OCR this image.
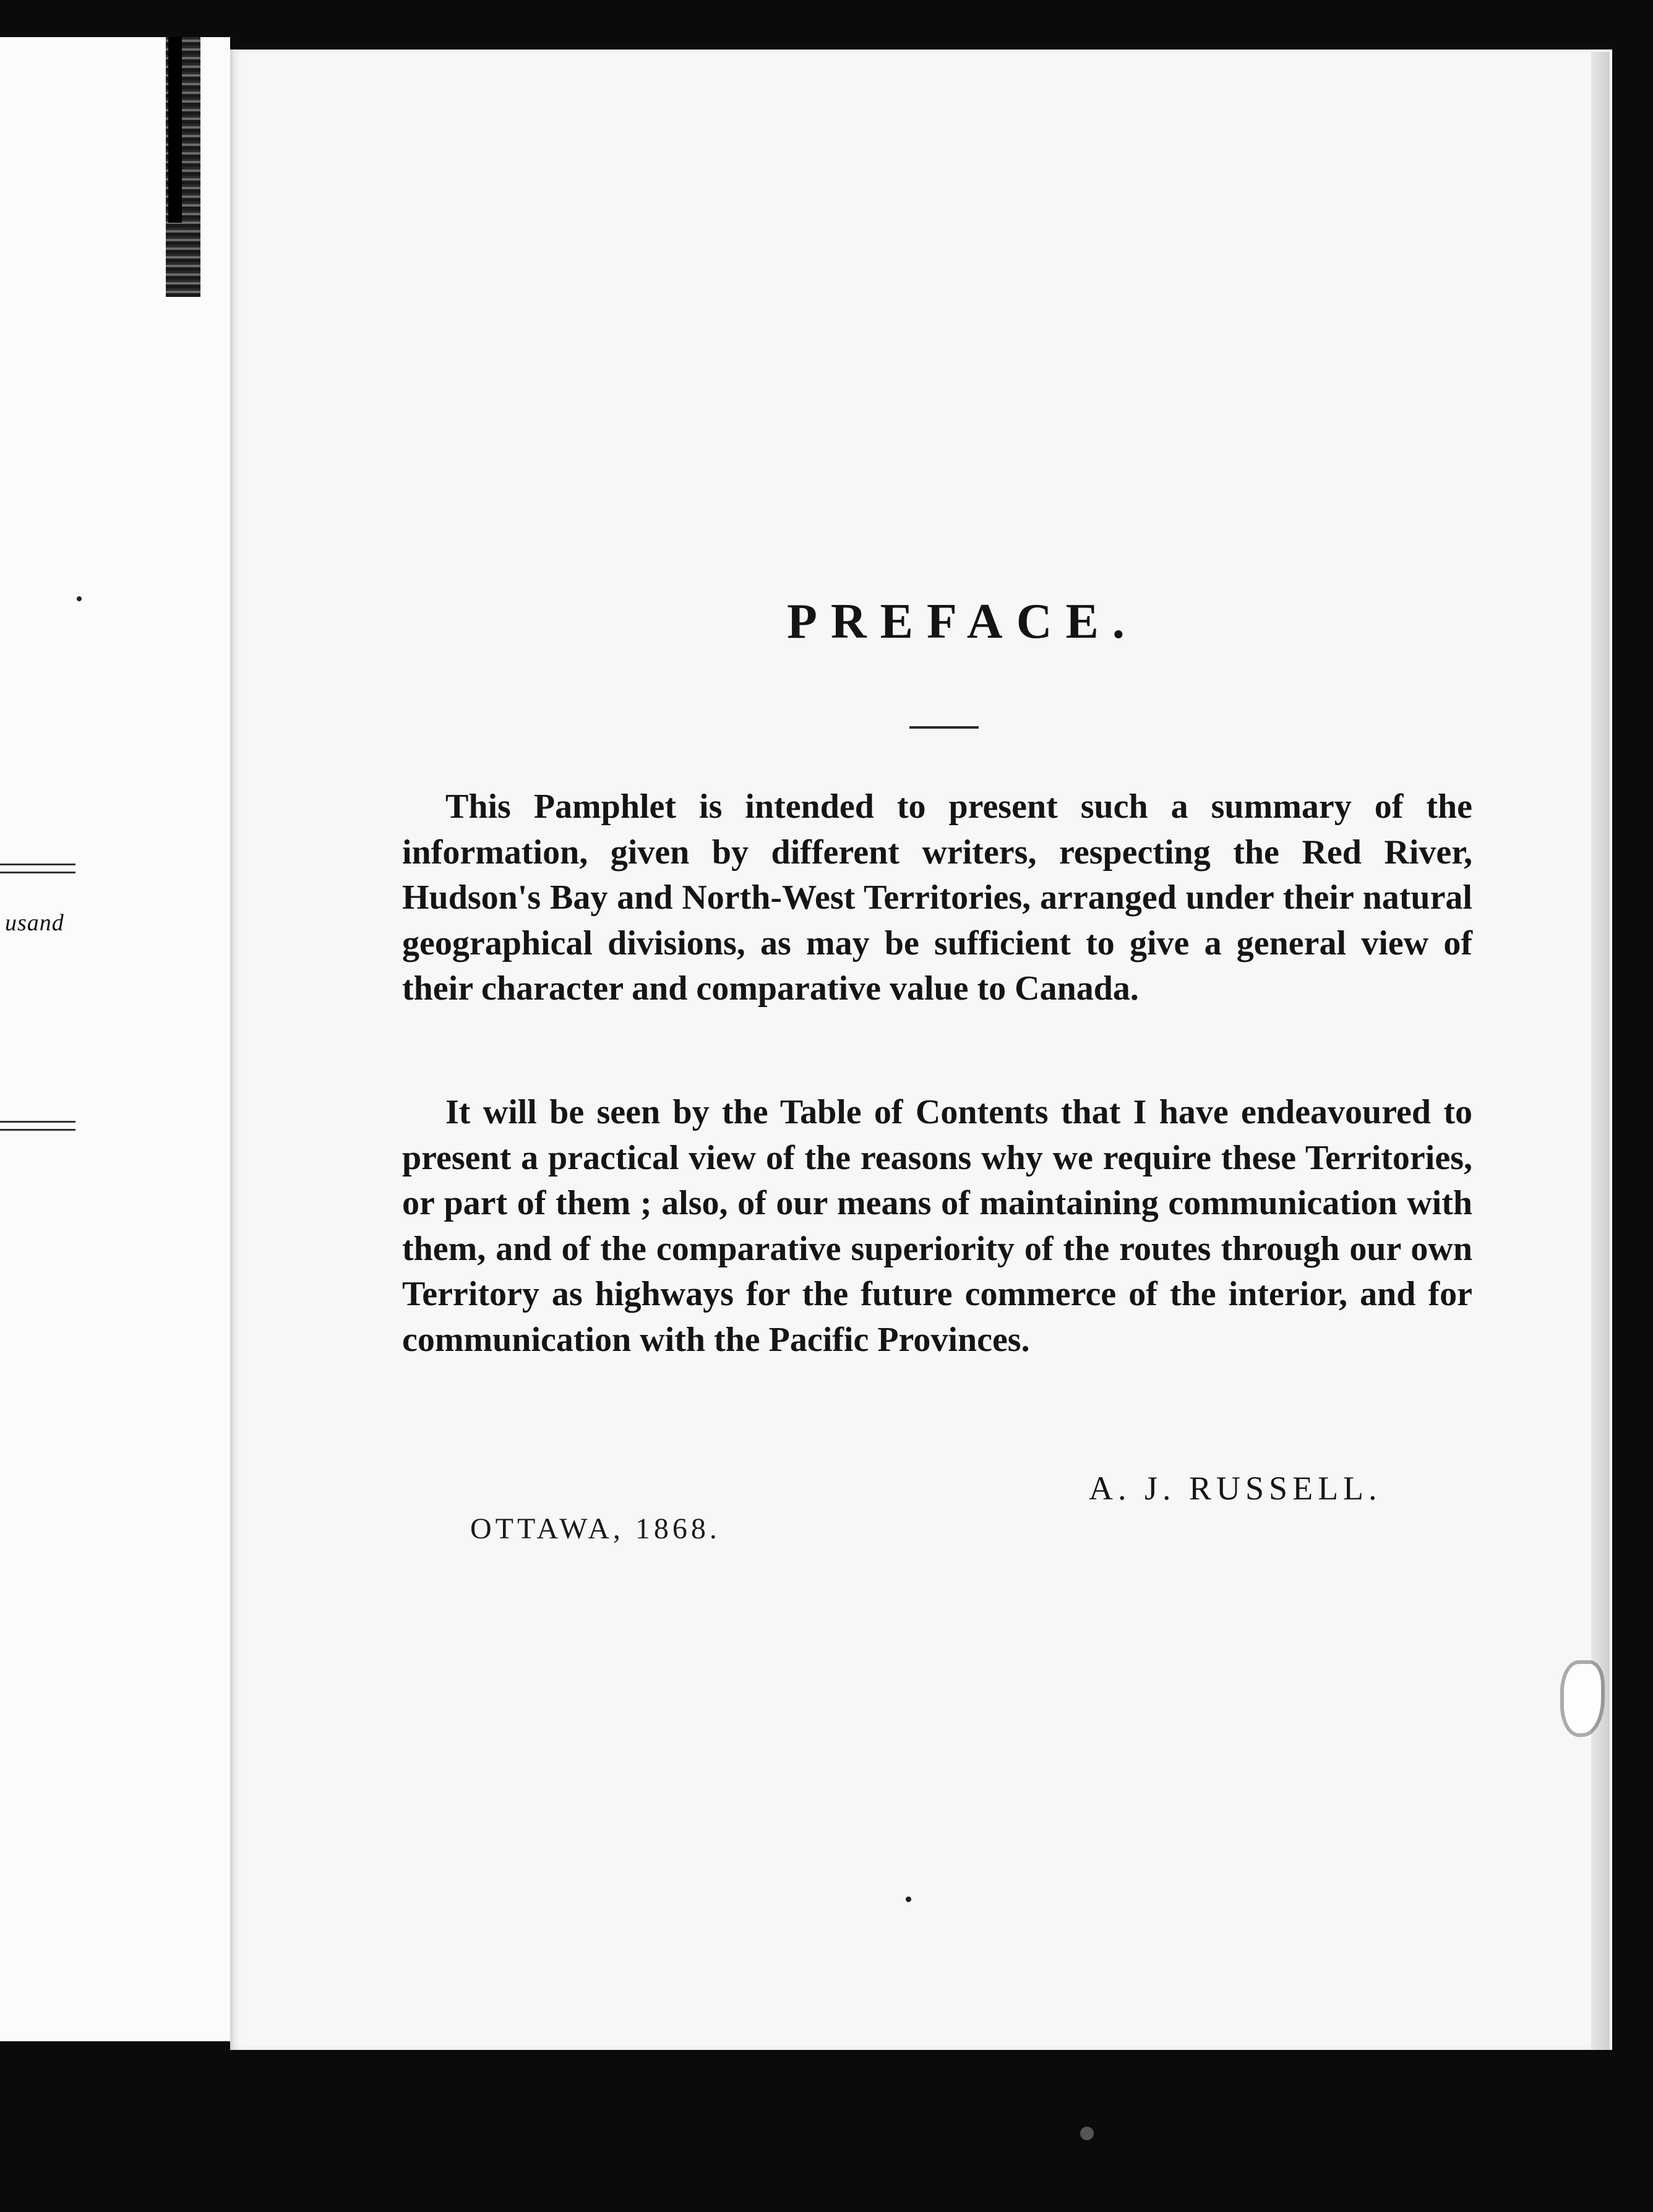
usand
PREFACE.
This Pamphlet is intended to present such a summary of the information, given by different writers, respecting the Red River, Hudson's Bay and North-West Territories, arranged under their natural geographical divisions, as may be sufficient to give a general view of their character and comparative value to Canada.
It will be seen by the Table of Contents that I have endeavoured to present a practical view of the reasons why we require these Territories, or part of them ; also, of our means of maintaining communication with them, and of the comparative superiority of the routes through our own Territory as highways for the future commerce of the interior, and for communication with the Pacific Provinces.
A. J. RUSSELL.
OTTAWA, 1868.
